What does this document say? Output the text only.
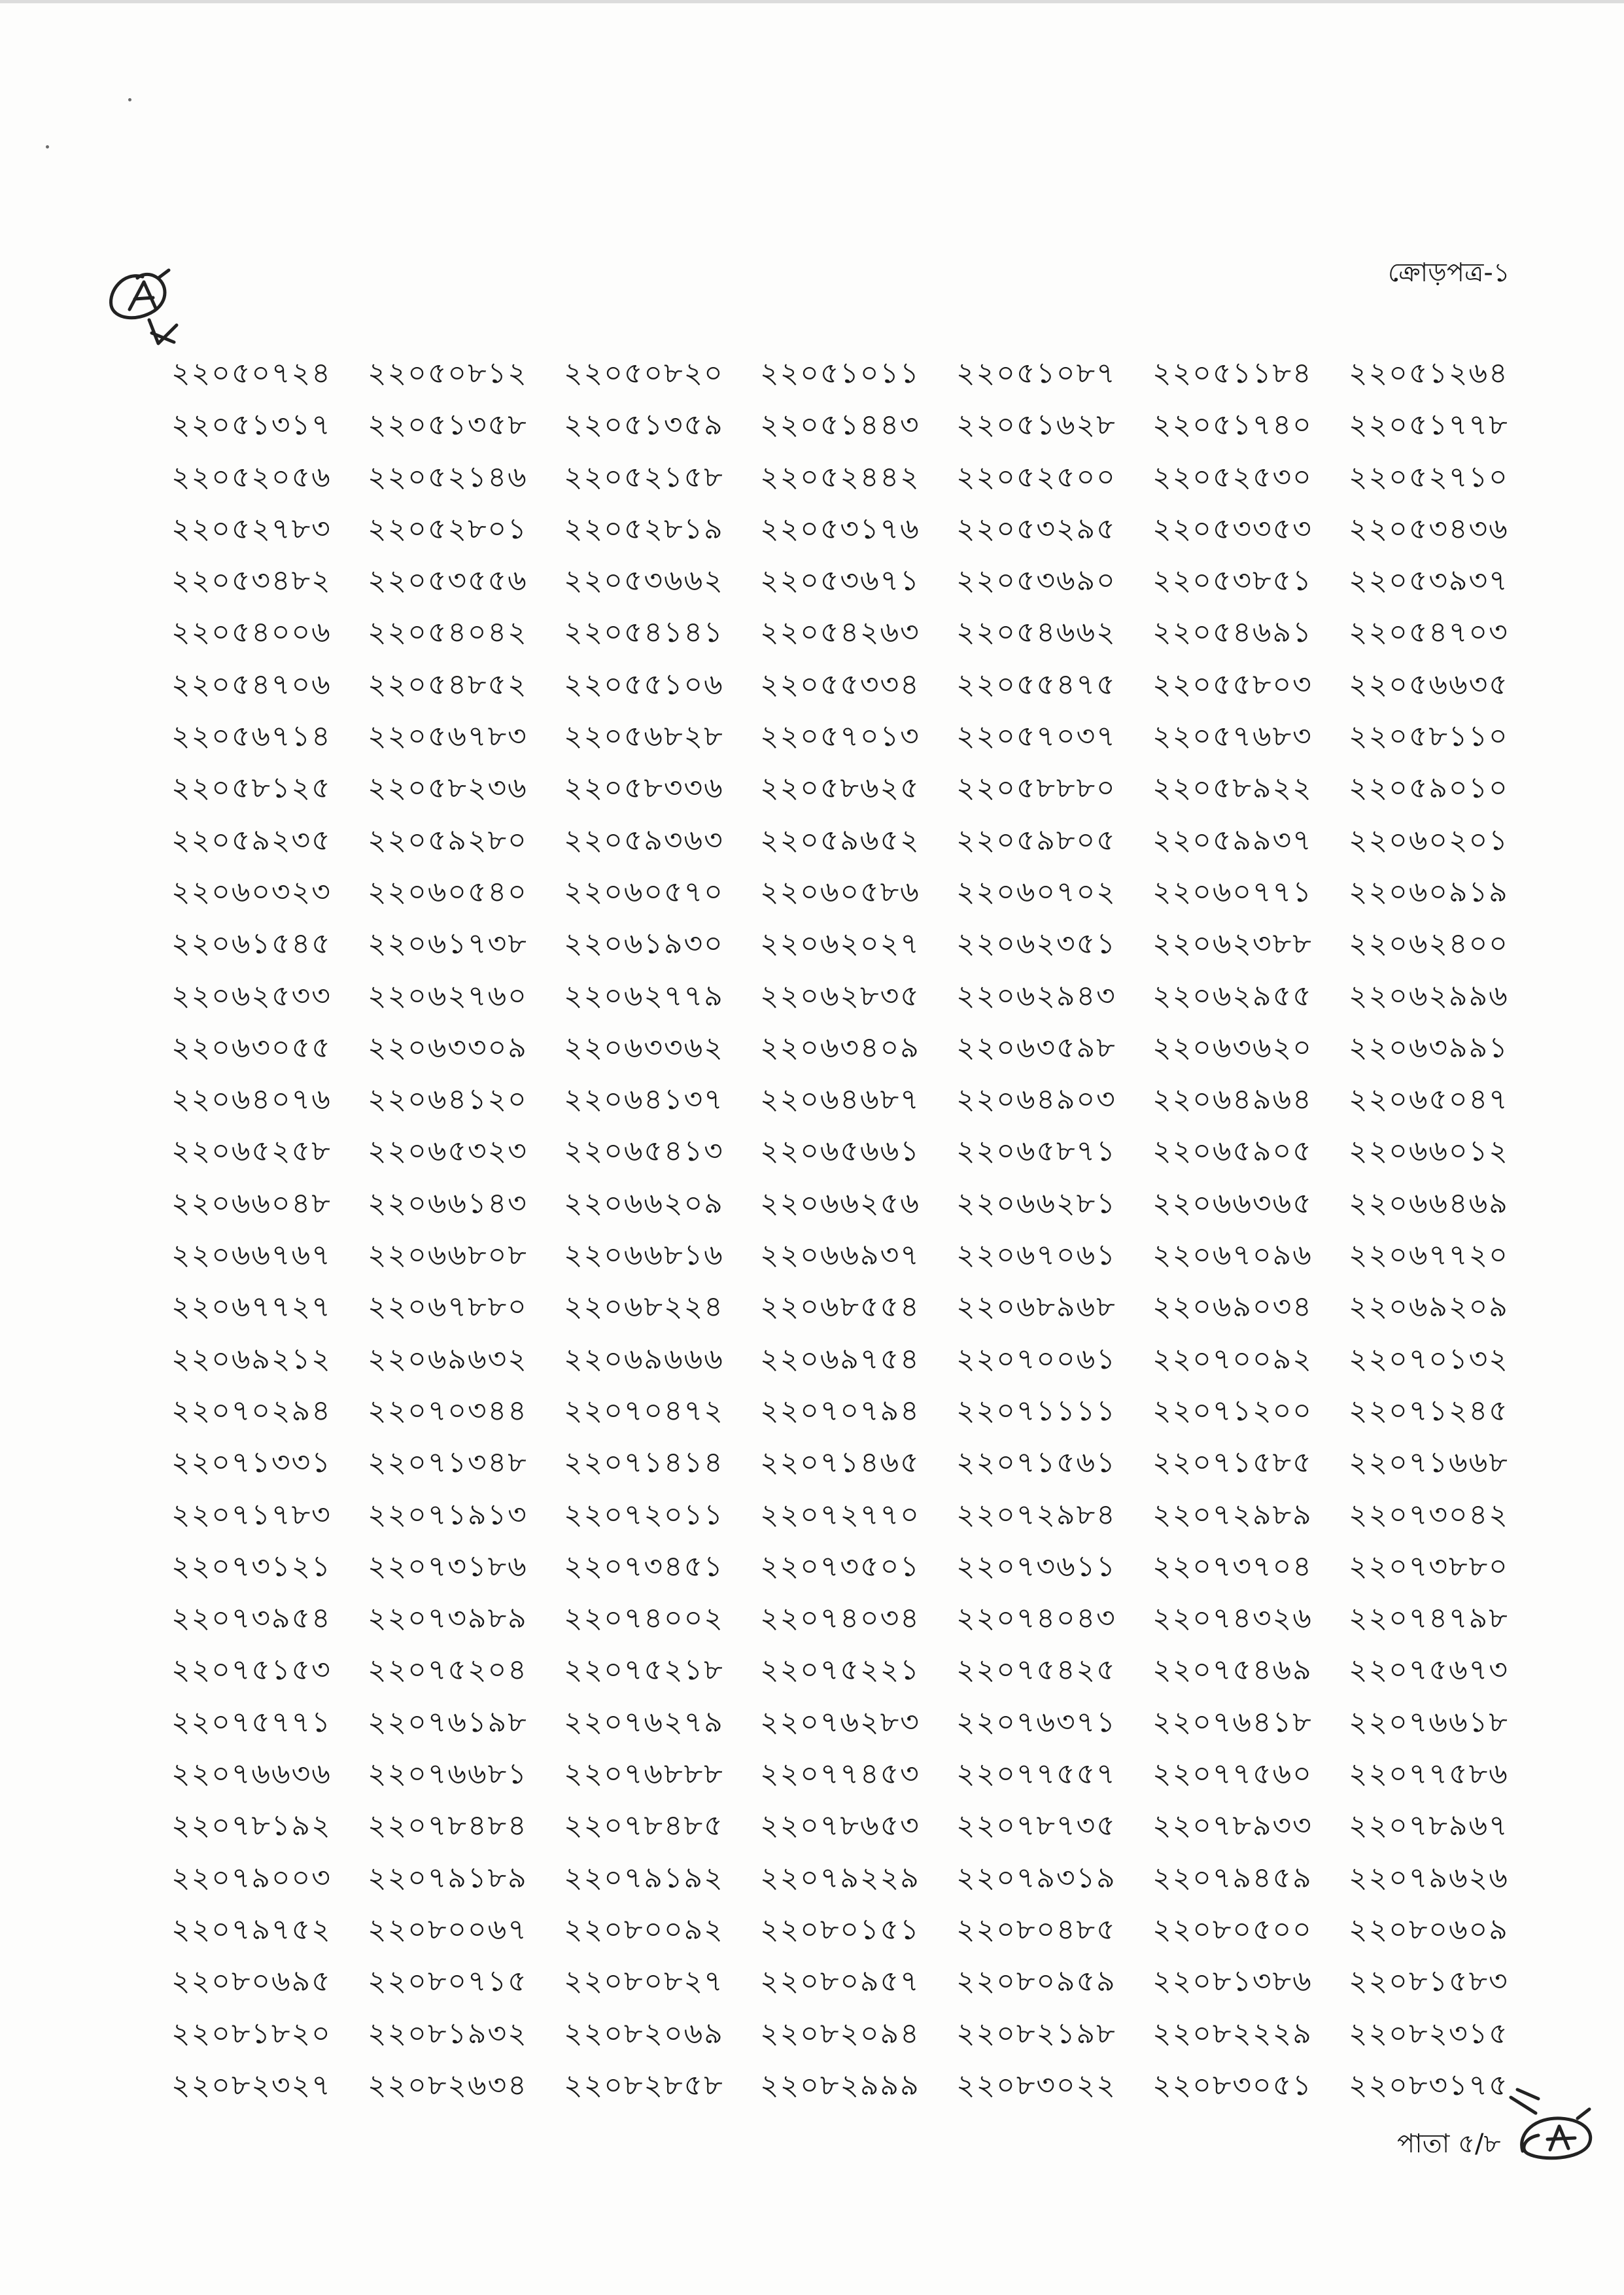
ক্রোড়পত্র-১
২২০৫০৭২৪	২২০৫০৮১২	২২০৫০৮২০	২২০৫১০১১	২২০৫১০৮৭	২২০৫১১৮৪	২২০৫১২৬৪
২২০৫১৩১৭	২২০৫১৩৫৮	২২০৫১৩৫৯	২২০৫১৪৪৩	২২০৫১৬২৮	২২০৫১৭৪০	২২০৫১৭৭৮
২২০৫২০৫৬	২২০৫২১৪৬	২২০৫২১৫৮	২২০৫২৪৪২	২২০৫২৫০০	২২০৫২৫৩০	২২০৫২৭১০
২২০৫২৭৮৩	২২০৫২৮০১	২২০৫২৮১৯	২২০৫৩১৭৬	২২০৫৩২৯৫	২২০৫৩৩৫৩	২২০৫৩৪৩৬
২২০৫৩৪৮২	২২০৫৩৫৫৬	২২০৫৩৬৬২	২২০৫৩৬৭১	২২০৫৩৬৯০	২২০৫৩৮৫১	২২০৫৩৯৩৭
২২০৫৪০০৬	২২০৫৪০৪২	২২০৫৪১৪১	২২০৫৪২৬৩	২২০৫৪৬৬২	২২০৫৪৬৯১	২২০৫৪৭০৩
২২০৫৪৭০৬	২২০৫৪৮৫২	২২০৫৫১০৬	২২০৫৫৩৩৪	২২০৫৫৪৭৫	২২০৫৫৮০৩	২২০৫৬৬৩৫
২২০৫৬৭১৪	২২০৫৬৭৮৩	২২০৫৬৮২৮	২২০৫৭০১৩	২২০৫৭০৩৭	২২০৫৭৬৮৩	২২০৫৮১১০
২২০৫৮১২৫	২২০৫৮২৩৬	২২০৫৮৩৩৬	২২০৫৮৬২৫	২২০৫৮৮৮০	২২০৫৮৯২২	২২০৫৯০১০
২২০৫৯২৩৫	২২০৫৯২৮০	২২০৫৯৩৬৩	২২০৫৯৬৫২	২২০৫৯৮০৫	২২০৫৯৯৩৭	২২০৬০২০১
২২০৬০৩২৩	২২০৬০৫৪০	২২০৬০৫৭০	২২০৬০৫৮৬	২২০৬০৭০২	২২০৬০৭৭১	২২০৬০৯১৯
২২০৬১৫৪৫	২২০৬১৭৩৮	২২০৬১৯৩০	২২০৬২০২৭	২২০৬২৩৫১	২২০৬২৩৮৮	২২০৬২৪০০
২২০৬২৫৩৩	২২০৬২৭৬০	২২০৬২৭৭৯	২২০৬২৮৩৫	২২০৬২৯৪৩	২২০৬২৯৫৫	২২০৬২৯৯৬
২২০৬৩০৫৫	২২০৬৩৩০৯	২২০৬৩৩৬২	২২০৬৩৪০৯	২২০৬৩৫৯৮	২২০৬৩৬২০	২২০৬৩৯৯১
২২০৬৪০৭৬	২২০৬৪১২০	২২০৬৪১৩৭	২২০৬৪৬৮৭	২২০৬৪৯০৩	২২০৬৪৯৬৪	২২০৬৫০৪৭
২২০৬৫২৫৮	২২০৬৫৩২৩	২২০৬৫৪১৩	২২০৬৫৬৬১	২২০৬৫৮৭১	২২০৬৫৯০৫	২২০৬৬০১২
২২০৬৬০৪৮	২২০৬৬১৪৩	২২০৬৬২০৯	২২০৬৬২৫৬	২২০৬৬২৮১	২২০৬৬৩৬৫	২২০৬৬৪৬৯
২২০৬৬৭৬৭	২২০৬৬৮০৮	২২০৬৬৮১৬	২২০৬৬৯৩৭	২২০৬৭০৬১	২২০৬৭০৯৬	২২০৬৭৭২০
২২০৬৭৭২৭	২২০৬৭৮৮০	২২০৬৮২২৪	২২০৬৮৫৫৪	২২০৬৮৯৬৮	২২০৬৯০৩৪	২২০৬৯২০৯
২২০৬৯২১২	২২০৬৯৬৩২	২২০৬৯৬৬৬	২২০৬৯৭৫৪	২২০৭০০৬১	২২০৭০০৯২	২২০৭০১৩২
২২০৭০২৯৪	২২০৭০৩৪৪	২২০৭০৪৭২	২২০৭০৭৯৪	২২০৭১১১১	২২০৭১২০০	২২০৭১২৪৫
২২০৭১৩৩১	২২০৭১৩৪৮	২২০৭১৪১৪	২২০৭১৪৬৫	২২০৭১৫৬১	২২০৭১৫৮৫	২২০৭১৬৬৮
২২০৭১৭৮৩	২২০৭১৯১৩	২২০৭২০১১	২২০৭২৭৭০	২২০৭২৯৮৪	২২০৭২৯৮৯	২২০৭৩০৪২
২২০৭৩১২১	২২০৭৩১৮৬	২২০৭৩৪৫১	২২০৭৩৫০১	২২০৭৩৬১১	২২০৭৩৭০৪	২২০৭৩৮৮০
২২০৭৩৯৫৪	২২০৭৩৯৮৯	২২০৭৪০০২	২২০৭৪০৩৪	২২০৭৪০৪৩	২২০৭৪৩২৬	২২০৭৪৭৯৮
২২০৭৫১৫৩	২২০৭৫২০৪	২২০৭৫২১৮	২২০৭৫২২১	২২০৭৫৪২৫	২২০৭৫৪৬৯	২২০৭৫৬৭৩
২২০৭৫৭৭১	২২০৭৬১৯৮	২২০৭৬২৭৯	২২০৭৬২৮৩	২২০৭৬৩৭১	২২০৭৬৪১৮	২২০৭৬৬১৮
২২০৭৬৬৩৬	২২০৭৬৬৮১	২২০৭৬৮৮৮	২২০৭৭৪৫৩	২২০৭৭৫৫৭	২২০৭৭৫৬০	২২০৭৭৫৮৬
২২০৭৮১৯২	২২০৭৮৪৮৪	২২০৭৮৪৮৫	২২০৭৮৬৫৩	২২০৭৮৭৩৫	২২০৭৮৯৩৩	২২০৭৮৯৬৭
২২০৭৯০০৩	২২০৭৯১৮৯	২২০৭৯১৯২	২২০৭৯২২৯	২২০৭৯৩১৯	২২০৭৯৪৫৯	২২০৭৯৬২৬
২২০৭৯৭৫২	২২০৮০০৬৭	২২০৮০০৯২	২২০৮০১৫১	২২০৮০৪৮৫	২২০৮০৫০০	২২০৮০৬০৯
২২০৮০৬৯৫	২২০৮০৭১৫	২২০৮০৮২৭	২২০৮০৯৫৭	২২০৮০৯৫৯	২২০৮১৩৮৬	২২০৮১৫৮৩
২২০৮১৮২০	২২০৮১৯৩২	২২০৮২০৬৯	২২০৮২০৯৪	২২০৮২১৯৮	২২০৮২২২৯	২২০৮২৩১৫
২২০৮২৩২৭	২২০৮২৬৩৪	২২০৮২৮৫৮	২২০৮২৯৯৯	২২০৮৩০২২	২২০৮৩০৫১	২২০৮৩১৭৫
পাতা ৫/৮
